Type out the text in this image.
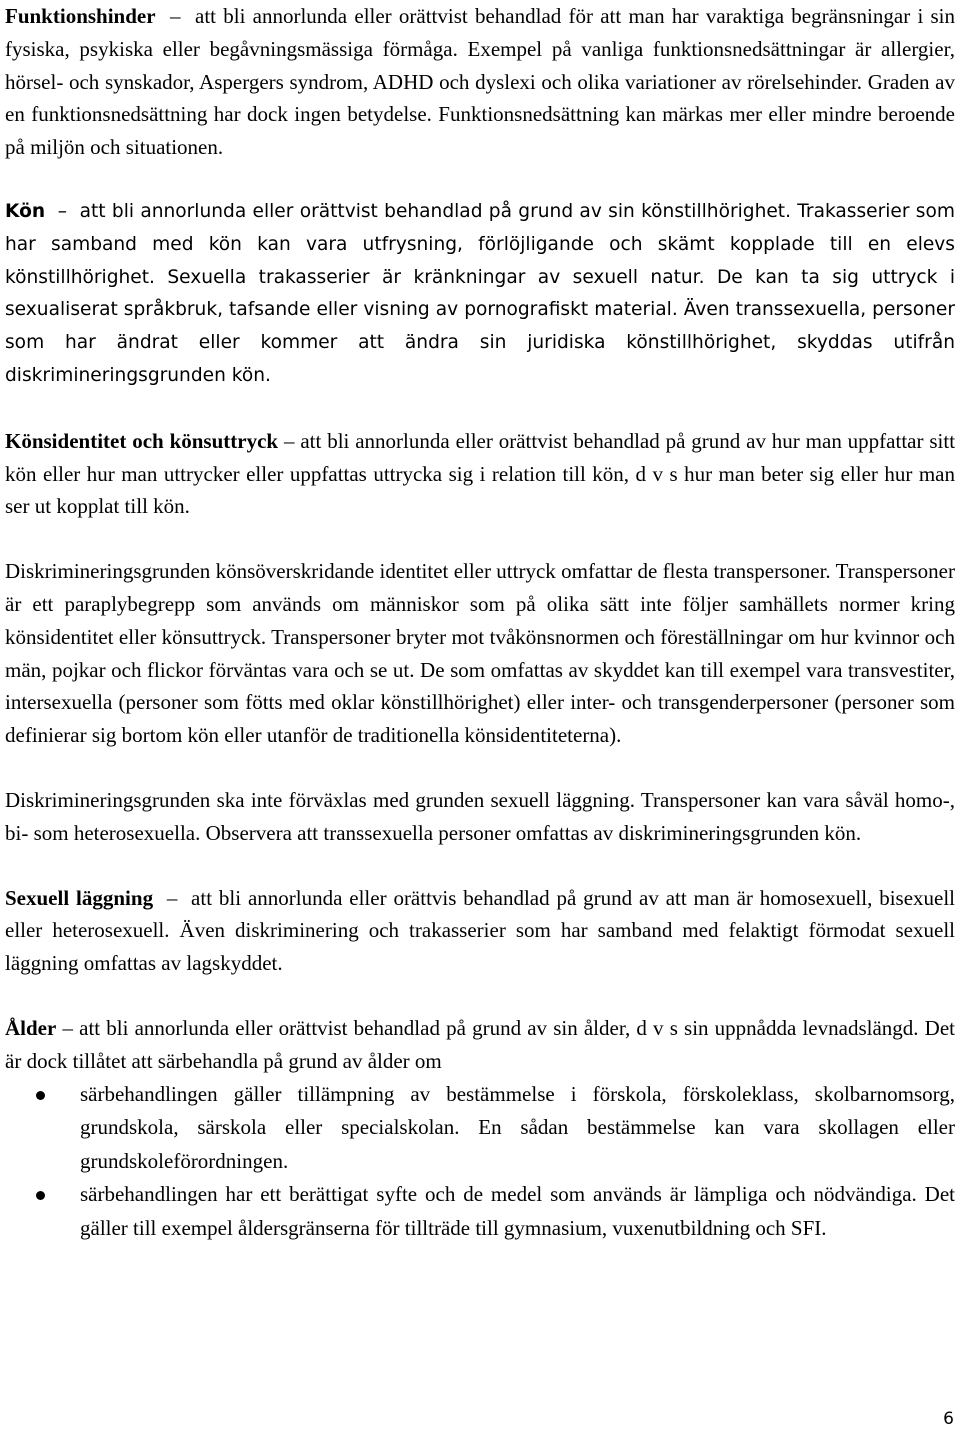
Funktionshinder – att bli annorlunda eller orättvist behandlad för att man har varaktiga begränsningar i sin fysiska, psykiska eller begåvningsmässiga förmåga. Exempel på vanliga funktionsnedsättningar är allergier, hörsel- och synskador, Aspergers syndrom, ADHD och dyslexi och olika variationer av rörelsehinder. Graden av en funktionsnedsättning har dock ingen betydelse. Funktionsnedsättning kan märkas mer eller mindre beroende på miljön och situationen.

Kön – att bli annorlunda eller orättvist behandlad på grund av sin könstillhörighet. Trakasserier som har samband med kön kan vara utfrysning, förlöjligande och skämt kopplade till en elevs könstillhörighet. Sexuella trakasserier är kränkningar av sexuell natur. De kan ta sig uttryck i sexualiserat språkbruk, tafsande eller visning av pornografiskt material. Även transsexuella, personer som har ändrat eller kommer att ändra sin juridiska könstillhörighet, skyddas utifrån diskrimineringsgrunden kön.

Könsidentitet och könsuttryck – att bli annorlunda eller orättvist behandlad på grund av hur man uppfattar sitt kön eller hur man uttrycker eller uppfattas uttrycka sig i relation till kön, d v s hur man beter sig eller hur man ser ut kopplat till kön.

Diskrimineringsgrunden könsöverskridande identitet eller uttryck omfattar de flesta transpersoner. Transpersoner är ett paraplybegrepp som används om människor som på olika sätt inte följer samhällets normer kring könsidentitet eller könsuttryck. Transpersoner bryter mot tvåkönsnormen och föreställningar om hur kvinnor och män, pojkar och flickor förväntas vara och se ut. De som omfattas av skyddet kan till exempel vara transvestiter, intersexuella (personer som fötts med oklar könstillhörighet) eller inter- och transgenderpersoner (personer som definierar sig bortom kön eller utanför de traditionella könsidentiteterna).

Diskrimineringsgrunden ska inte förväxlas med grunden sexuell läggning. Transpersoner kan vara såväl homo-, bi- som heterosexuella. Observera att transsexuella personer omfattas av diskrimineringsgrunden kön.

Sexuell läggning – att bli annorlunda eller orättvis behandlad på grund av att man är homosexuell, bisexuell eller heterosexuell. Även diskriminering och trakasserier som har samband med felaktigt förmodat sexuell läggning omfattas av lagskyddet.

Ålder – att bli annorlunda eller orättvist behandlad på grund av sin ålder, d v s sin uppnådda levnadslängd. Det är dock tillåtet att särbehandla på grund av ålder om

särbehandlingen gäller tillämpning av bestämmelse i förskola, förskoleklass, skolbarnomsorg, grundskola, särskola eller specialskolan. En sådan bestämmelse kan vara skollagen eller grundskoleförordningen.
särbehandlingen har ett berättigat syfte och de medel som används är lämpliga och nödvändiga. Det gäller till exempel åldersgränserna för tillträde till gymnasium, vuxenutbildning och SFI.
6
